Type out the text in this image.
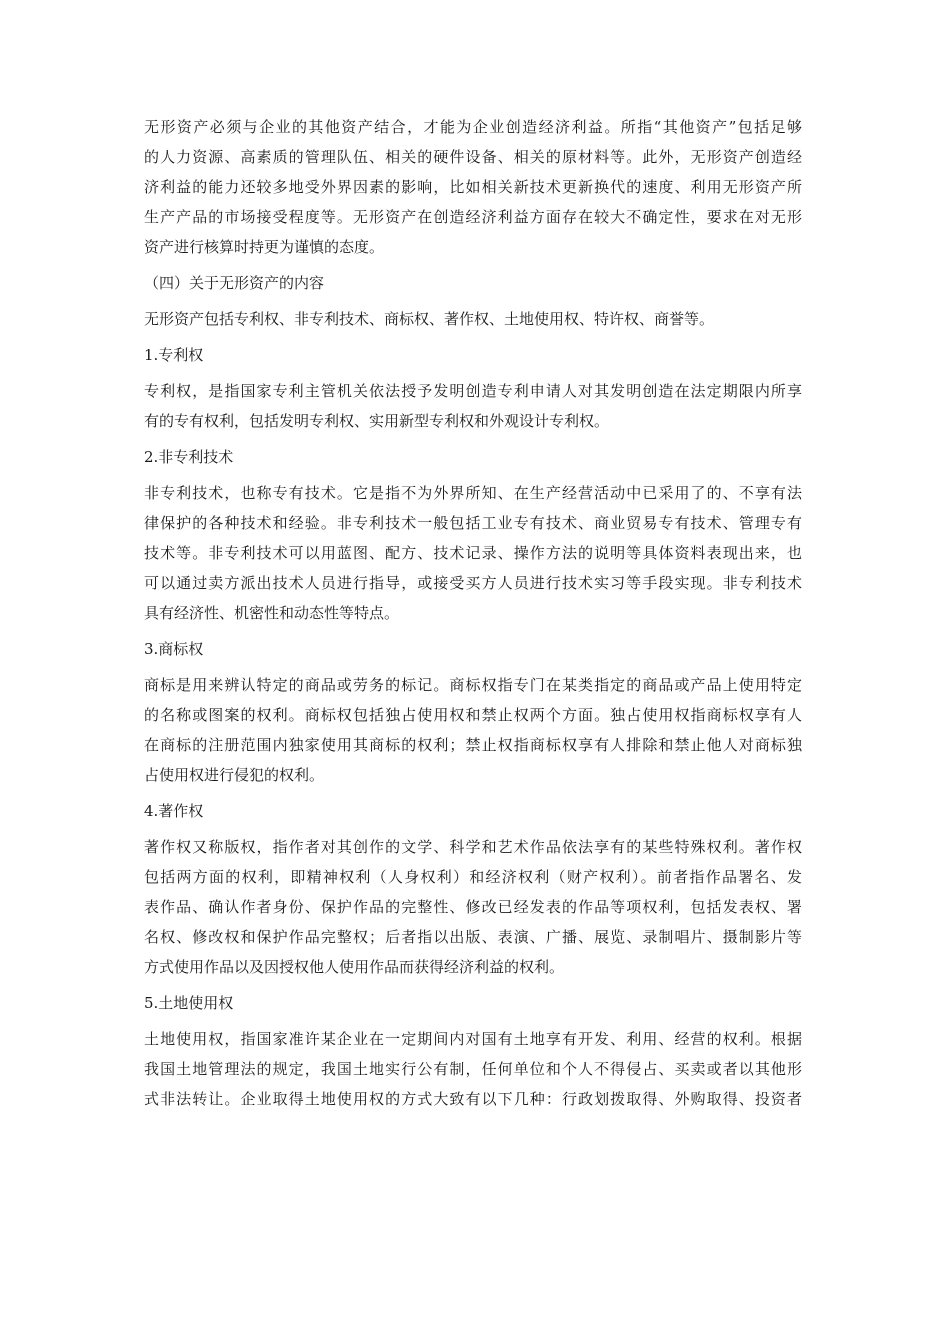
无形资产必须与企业的其他资产结合，才能为企业创造经济利益。所指“其他资产”包括足够
的人力资源、高素质的管理队伍、相关的硬件设备、相关的原材料等。此外，无形资产创造经
济利益的能力还较多地受外界因素的影响，比如相关新技术更新换代的速度、利用无形资产所
生产产品的市场接受程度等。无形资产在创造经济利益方面存在较大不确定性，要求在对无形
资产进行核算时持更为谨慎的态度。
（四）关于无形资产的内容
无形资产包括专利权、非专利技术、商标权、著作权、土地使用权、特许权、商誉等。
1.专利权
专利权，是指国家专利主管机关依法授予发明创造专利申请人对其发明创造在法定期限内所享
有的专有权利，包括发明专利权、实用新型专利权和外观设计专利权。
2.非专利技术
非专利技术，也称专有技术。它是指不为外界所知、在生产经营活动中已采用了的、不享有法
律保护的各种技术和经验。非专利技术一般包括工业专有技术、商业贸易专有技术、管理专有
技术等。非专利技术可以用蓝图、配方、技术记录、操作方法的说明等具体资料表现出来，也
可以通过卖方派出技术人员进行指导，或接受买方人员进行技术实习等手段实现。非专利技术
具有经济性、机密性和动态性等特点。
3.商标权
商标是用来辨认特定的商品或劳务的标记。商标权指专门在某类指定的商品或产品上使用特定
的名称或图案的权利。商标权包括独占使用权和禁止权两个方面。独占使用权指商标权享有人
在商标的注册范围内独家使用其商标的权利；禁止权指商标权享有人排除和禁止他人对商标独
占使用权进行侵犯的权利。
4.著作权
著作权又称版权，指作者对其创作的文学、科学和艺术作品依法享有的某些特殊权利。著作权
包括两方面的权利，即精神权利（人身权利）和经济权利（财产权利）。前者指作品署名、发
表作品、确认作者身份、保护作品的完整性、修改已经发表的作品等项权利，包括发表权、署
名权、修改权和保护作品完整权；后者指以出版、表演、广播、展览、录制唱片、摄制影片等
方式使用作品以及因授权他人使用作品而获得经济利益的权利。
5.土地使用权
土地使用权，指国家准许某企业在一定期间内对国有土地享有开发、利用、经营的权利。根据
我国土地管理法的规定，我国土地实行公有制，任何单位和个人不得侵占、买卖或者以其他形
式非法转让。企业取得土地使用权的方式大致有以下几种：行政划拨取得、外购取得、投资者
